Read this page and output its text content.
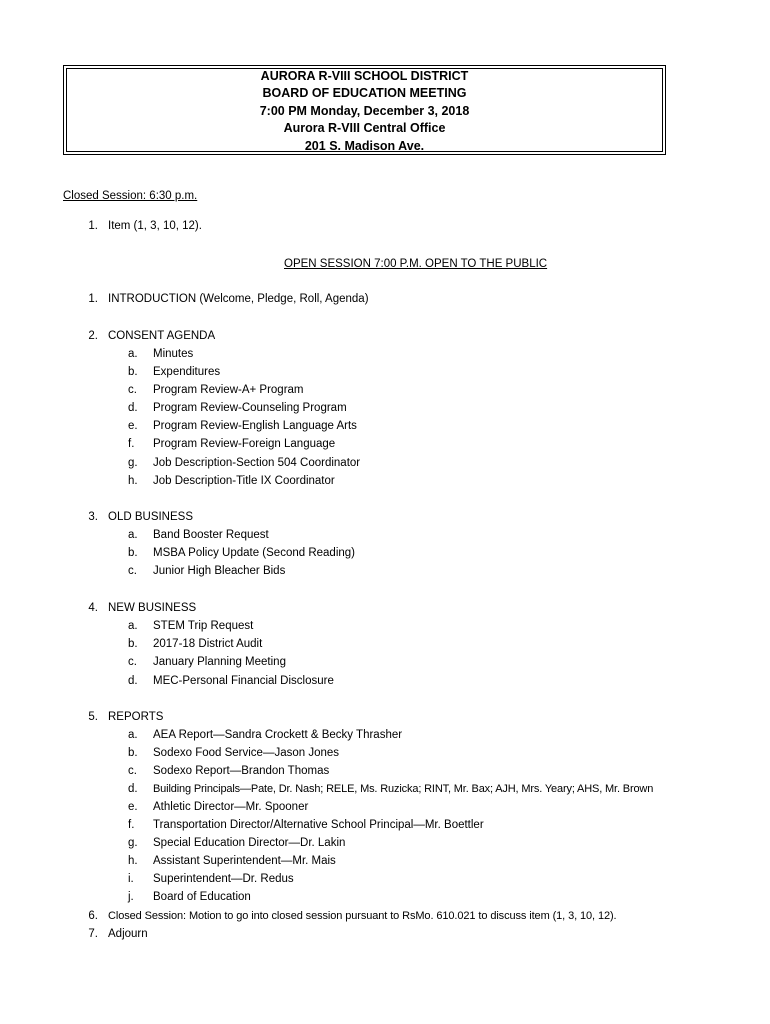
AURORA R-VIII SCHOOL DISTRICT
BOARD OF EDUCATION MEETING
7:00 PM Monday, December 3, 2018
Aurora R-VIII Central Office
201 S. Madison Ave.
Closed Session: 6:30 p.m.
1. Item (1, 3, 10, 12).
OPEN SESSION 7:00 P.M. OPEN TO THE PUBLIC
1. INTRODUCTION (Welcome, Pledge, Roll, Agenda)
2. CONSENT AGENDA
a.	Minutes
b.	Expenditures
c.	Program Review-A+ Program
d.	Program Review-Counseling Program
e.	Program Review-English Language Arts
f.	Program Review-Foreign Language
g.	Job Description-Section 504 Coordinator
h.	Job Description-Title IX Coordinator
3. OLD BUSINESS
a.	Band Booster Request
b.	MSBA Policy Update (Second Reading)
c.	Junior High Bleacher Bids
4. NEW BUSINESS
a.	STEM Trip Request
b.	2017-18 District Audit
c.	January Planning Meeting
d.	MEC-Personal Financial Disclosure
5. REPORTS
a.	AEA Report—Sandra Crockett & Becky Thrasher
b.	Sodexo Food Service—Jason Jones
c.	Sodexo Report—Brandon Thomas
d.	Building Principals—Pate, Dr. Nash; RELE, Ms. Ruzicka; RINT, Mr. Bax; AJH, Mrs. Yeary; AHS, Mr. Brown
e.	Athletic Director—Mr. Spooner
f.	Transportation Director/Alternative School Principal—Mr. Boettler
g.	Special Education Director—Dr. Lakin
h.	Assistant Superintendent—Mr. Mais
i.	Superintendent—Dr. Redus
j.	Board of Education
6. Closed Session: Motion to go into closed session pursuant to RsMo. 610.021 to discuss item (1, 3, 10, 12).
7. Adjourn
